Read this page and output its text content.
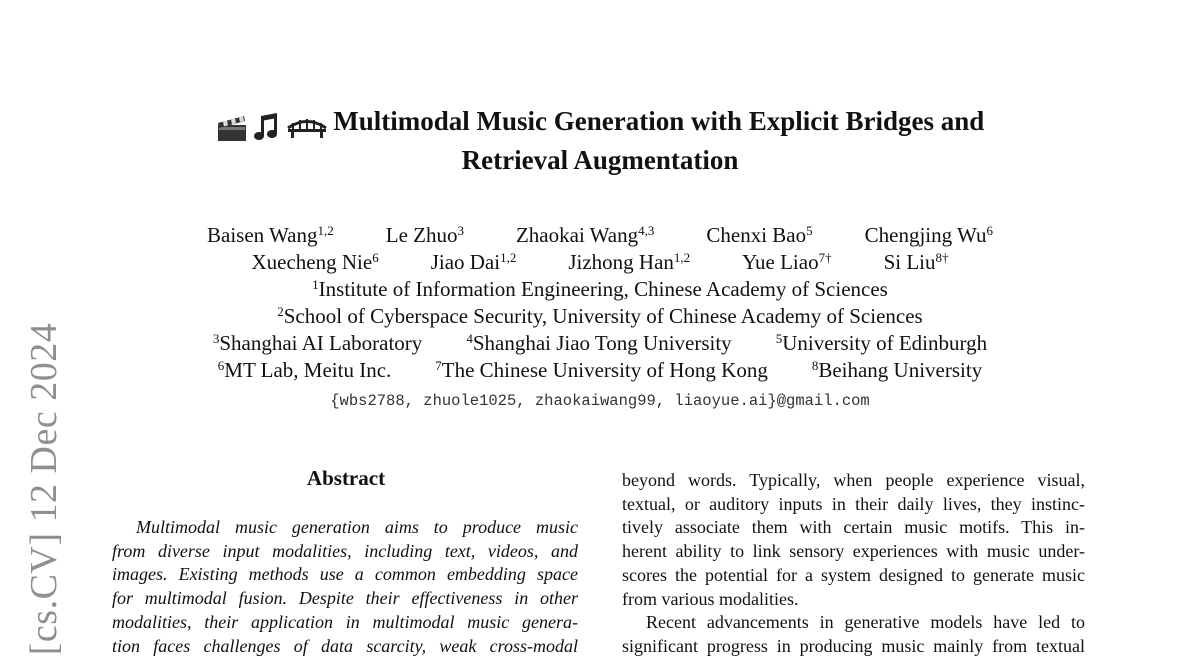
[cs.CV] 12 Dec 2024
Multimodal Music Generation with Explicit Bridges and
Retrieval Augmentation
Baisen Wang$^{1,2}$ Le Zhuo$^3$ Zhaokai Wang$^{4,3}$ Chenxi Bao$^5$ Chengjing Wu$^6$
Xuecheng Nie$^6$ Jiao Dai$^{1,2}$ Jizhong Han$^{1,2}$ Yue Liao$^{7\dagger}$ Si Liu$^{8\dagger}$
$^1$Institute of Information Engineering, Chinese Academy of Sciences
$^2$School of Cyberspace Security, University of Chinese Academy of Sciences
$^3$Shanghai AI Laboratory	$^4$Shanghai Jiao Tong University	$^5$University of Edinburgh
$^6$MT Lab, Meitu Inc.	$^7$The Chinese University of Hong Kong	$^8$Beihang University
{wbs2788, zhuole1025, zhaokaiwang99, liaoyue.ai}@gmail.com
Abstract
Multimodal music generation aims to produce music
from diverse input modalities, including text, videos, and
images. Existing methods use a common embedding space
for multimodal fusion. Despite their effectiveness in other
modalities, their application in multimodal music genera-
tion faces challenges of data scarcity, weak cross-modal
beyond words. Typically, when people experience visual,
textual, or auditory inputs in their daily lives, they instinc-
tively associate them with certain music motifs. This in-
herent ability to link sensory experiences with music under-
scores the potential for a system designed to generate music
from various modalities.
Recent advancements in generative models have led to
significant progress in producing music mainly from textual
